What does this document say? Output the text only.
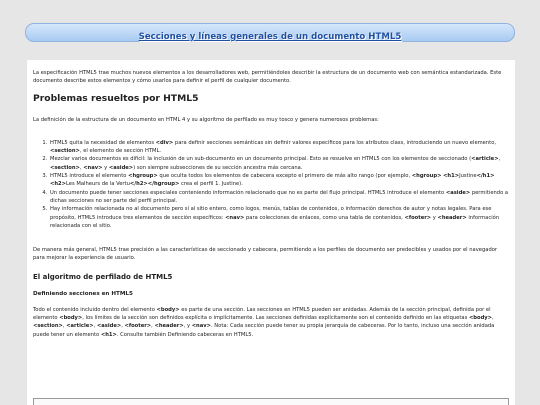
Secciones y líneas generales de un documento HTML5

La especificación HTML5 trae muchos nuevos elementos a los desarrolladores web, permitiéndoles describir la estructura de un documento web con semántica estandarizada. Este documento describe estos elementos y cómo usarlos para definir el perfil de cualquier documento.

Problemas resueltos por HTML5

La definición de la estructura de un documento en HTML 4 y su algoritmo de perfilado es muy tosco y genera numerosos problemas:

1. HTML5 quita la necesidad de elementos <div> para definir secciones semánticas sin definir valores específicos para los atributos class, introduciendo un nuevo elemento, <section>, el elemento de sección HTML.
2. Mezclar varios documentos es difícil: la inclusión de un sub-documento en un documento principal. Esto se resuelve en HTML5 con los elementos de seccionado (<article>, <section>, <nav> y <aside>) son siempre subsecciones de su sección ancestra más cercana.
3. HTML5 introduce el elemento <hgroup> que oculta todos los elementos de cabecera excepto el primero de más alto rango (por ejemplo, <hgroup> <h1>Justine</h1><h2>Les Malheurs de la Vertu</h2></hgroup> crea el perfil 1. Justine).
4. Un documento puede tener secciones especiales conteniendo información relacionado que no es parte del flujo principal. HTML5 introduce el elemento <aside> permitiendo a dichas secciones no ser parte del perfil principal.
5. Hay información relacionada no al documento pero sí al sitio entero, como logos, menús, tablas de contenidos, o información derechos de autor y notas legales. Para ese propósito, HTML5 introduce tres elementos de sección específicos: <nav> para colecciones de enlaces, como una tabla de contenidos, <footer> y <header> información relacionada con el sitio.

De manera más general, HTML5 trae precisión a las características de seccionado y cabecera, permitiendo a los perfiles de documento ser predecibles y usados por el navegador para mejorar la experiencia de usuario.

El algoritmo de perfilado de HTML5
Definiendo secciones en HTML5

Todo el contenido incluido dentro del elemento <body> es parte de una sección. Las secciones en HTML5 pueden ser anidadas. Además de la sección principal, definida por el elemento <body>, los límites de la sección son definidos explícita o implícitamente. Las secciones definidas explícitamente son el contenido definido en las etiquetas <body>, <section>, <article>, <aside>, <footer>, <header>, y <nav>. Nota: Cada sección puede tener su propia jerarquía de cabeceras. Por lo tanto, incluso una sección anidada puede tener un elemento <h1>. Consulte también Definiendo cabeceras en HTML5.
